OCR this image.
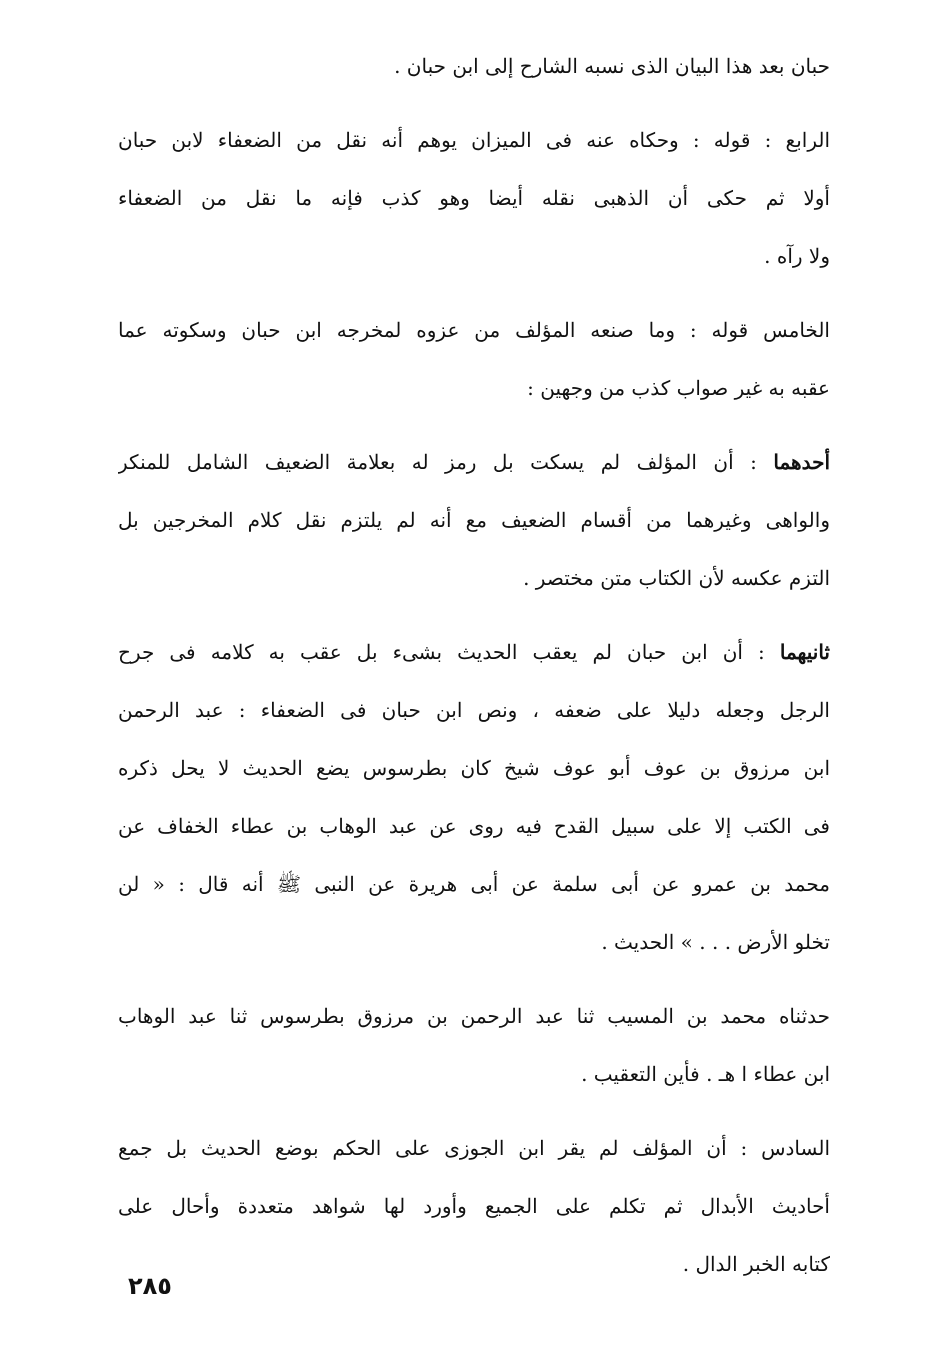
حبان بعد هذا البيان الذى نسبه الشارح إلى ابن حبان .

الرابع : قوله : وحكاه عنه فى الميزان يوهم أنه نقل من الضعفاء لابن حبان
أولا ثم حكى أن الذهبى نقله أيضا وهو كذب فإنه ما نقل من الضعفاء
ولا رآه .

الخامس قوله : وما صنعه المؤلف من عزوه لمخرجه ابن حبان وسكوته عما
عقبه به غير صواب كذب من وجهين :

أحدهما : أن المؤلف لم يسكت بل رمز له بعلامة الضعيف الشامل للمنكر
والواهى وغيرهما من أقسام الضعيف مع أنه لم يلتزم نقل كلام المخرجين بل
التزم عكسه لأن الكتاب متن مختصر .

ثانيهما : أن ابن حبان لم يعقب الحديث بشىء بل عقب به كلامه فى جرح
الرجل وجعله دليلا على ضعفه ، ونص ابن حبان فى الضعفاء : عبد الرحمن
ابن مرزوق بن عوف أبو عوف شيخ كان بطرسوس يضع الحديث لا يحل ذكره
فى الكتب إلا على سبيل القدح فيه روى عن عبد الوهاب بن عطاء الخفاف عن
محمد بن عمرو عن أبى سلمة عن أبى هريرة عن النبى ﷺ أنه قال : « لن
تخلو الأرض . . . » الحديث .

حدثناه محمد بن المسيب ثنا عبد الرحمن بن مرزوق بطرسوس ثنا عبد الوهاب
ابن عطاء ا هـ . فأين التعقيب .

السادس : أن المؤلف لم يقر ابن الجوزى على الحكم بوضع الحديث بل جمع
أحاديث الأبدال ثم تكلم على الجميع وأورد لها شواهد متعددة وأحال على
كتابه الخبر الدال .

٢٨٥
